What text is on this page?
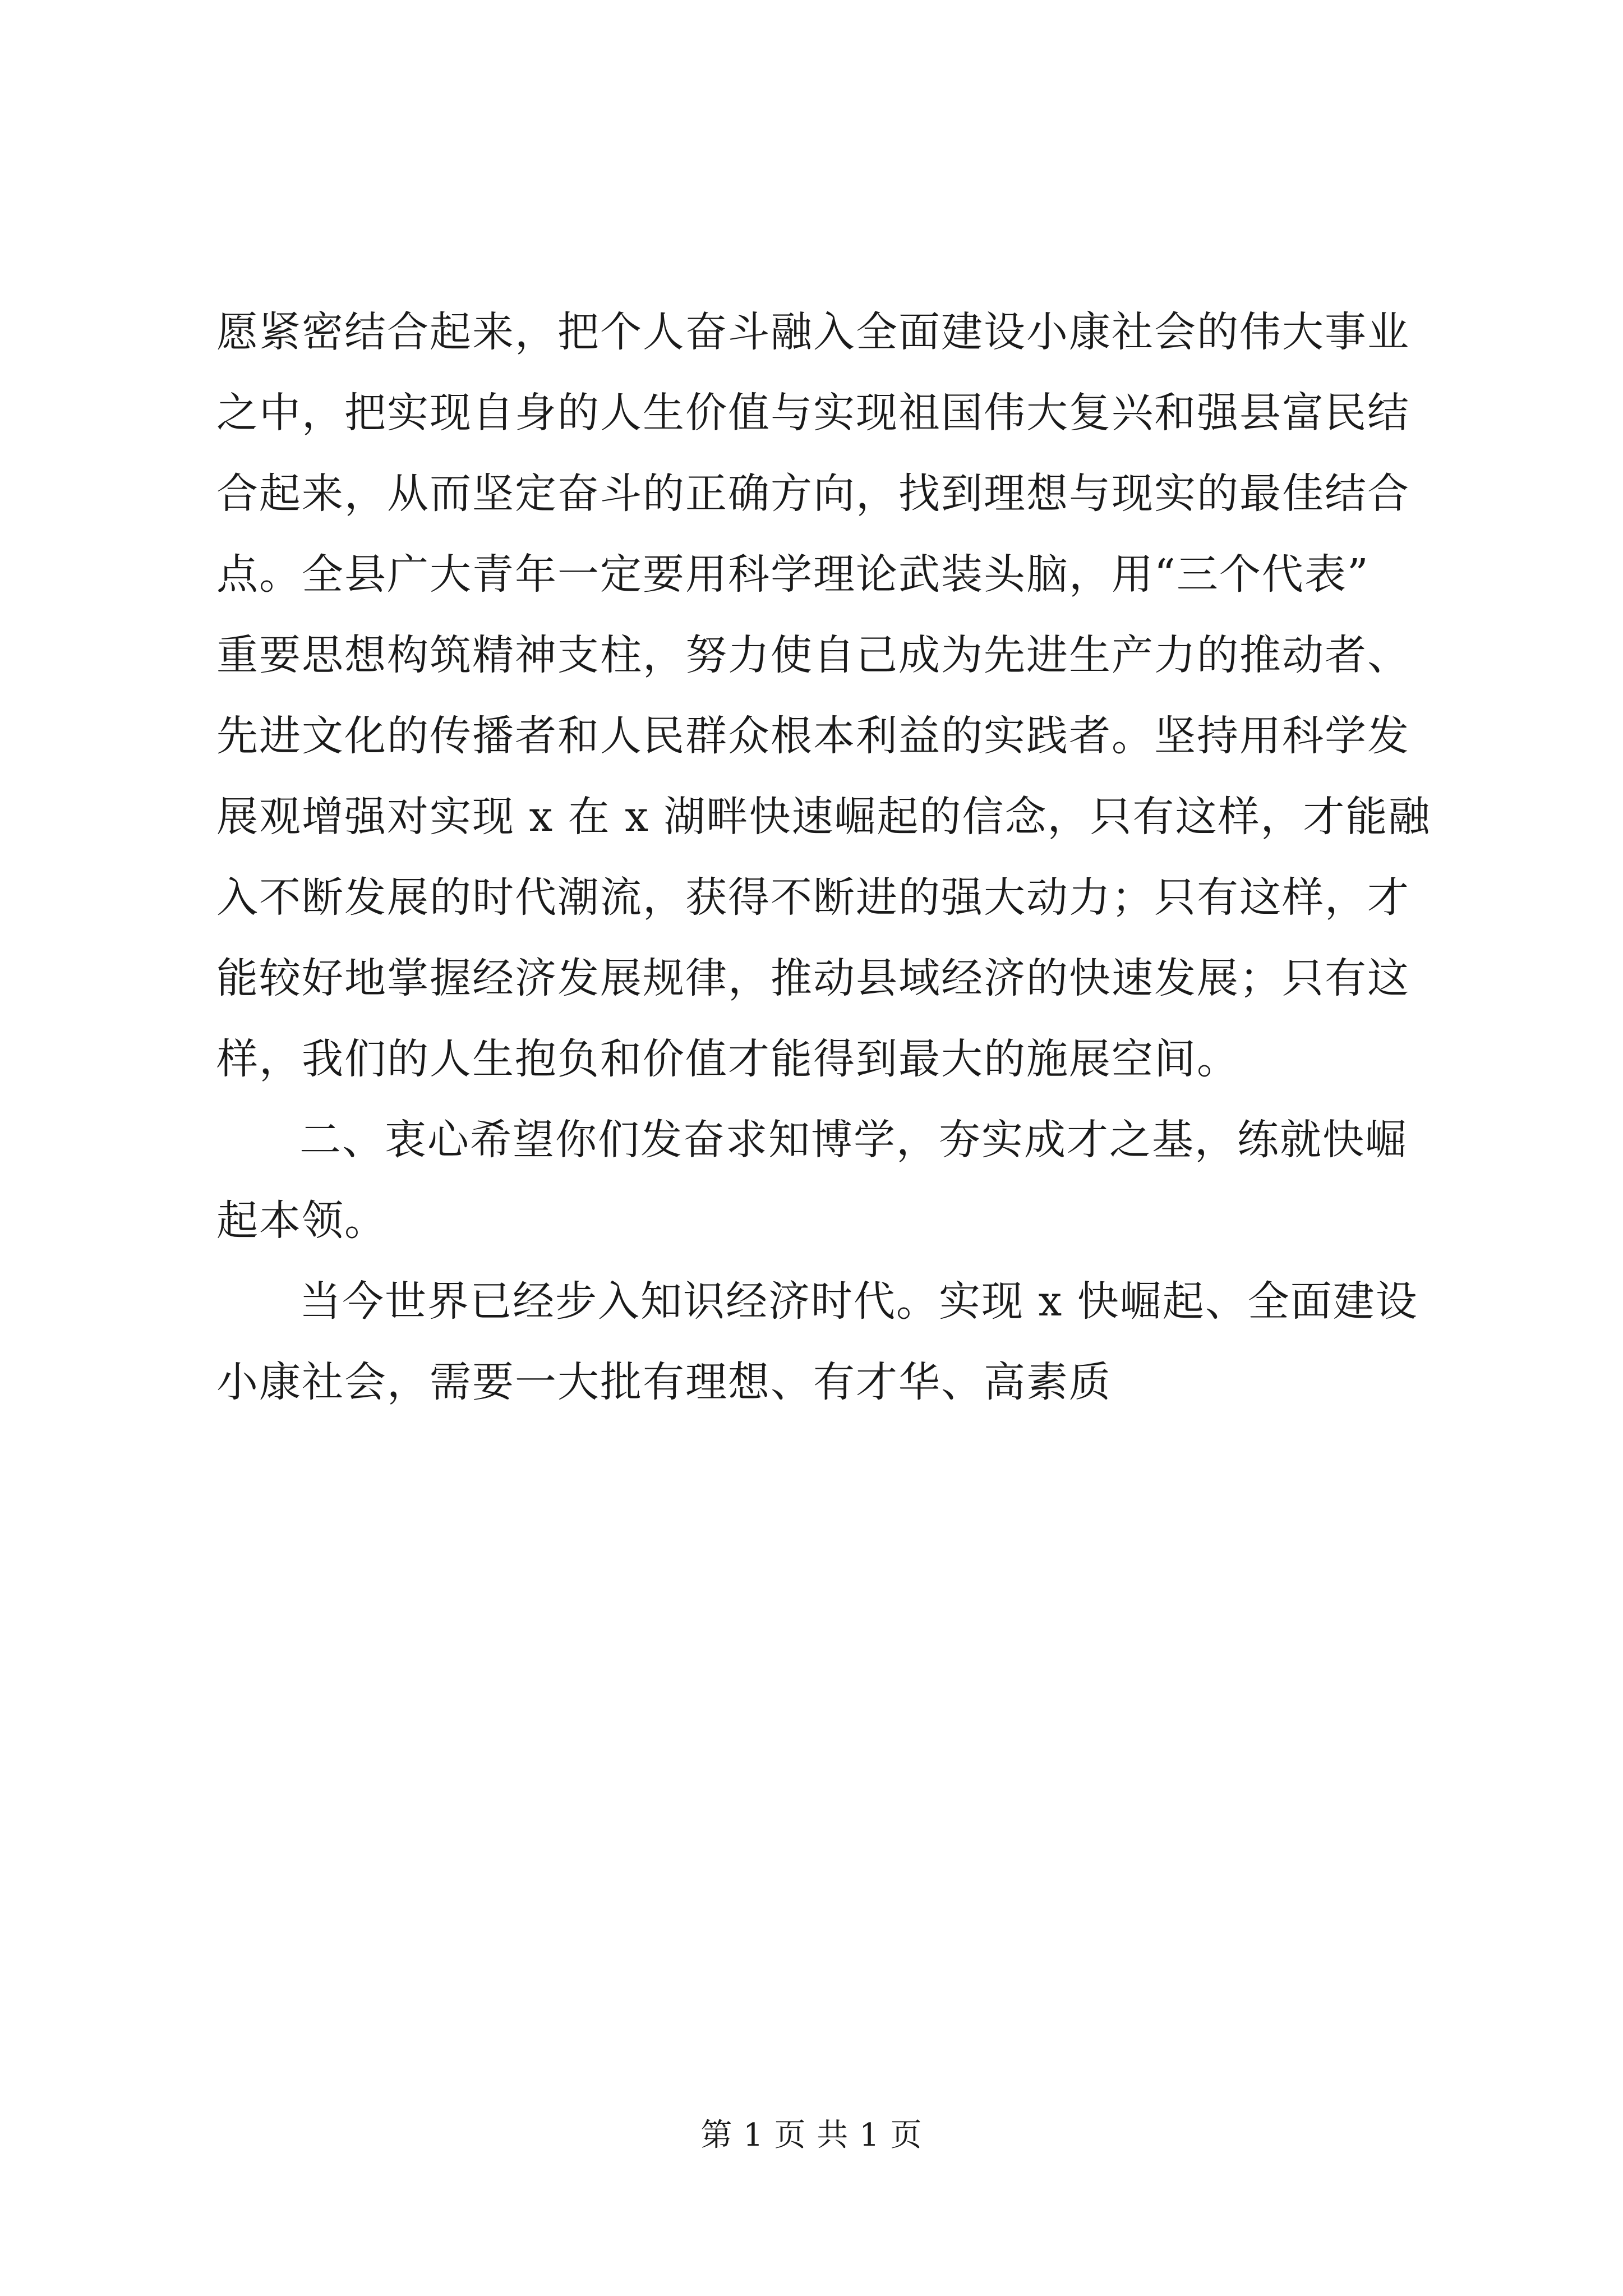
愿紧密结合起来，把个人奋斗融入全面建设小康社会的伟大事业
之中，把实现自身的人生价值与实现祖国伟大复兴和强县富民结
合起来，从而坚定奋斗的正确方向，找到理想与现实的最佳结合
点。全县广大青年一定要用科学理论武装头脑，用“三个代表”
重要思想构筑精神支柱，努力使自己成为先进生产力的推动者、
先进文化的传播者和人民群众根本利益的实践者。坚持用科学发
展观增强对实现 x 在 x 湖畔快速崛起的信念，只有这样，才能融
入不断发展的时代潮流，获得不断进的强大动力；只有这样，才
能较好地掌握经济发展规律，推动县域经济的快速发展；只有这
样，我们的人生抱负和价值才能得到最大的施展空间。

二、衷心希望你们发奋求知博学，夯实成才之基，练就快崛
起本领。

当今世界已经步入知识经济时代。实现 x 快崛起、全面建设
小康社会，需要一大批有理想、有才华、高素质

第 1 页 共 1 页
